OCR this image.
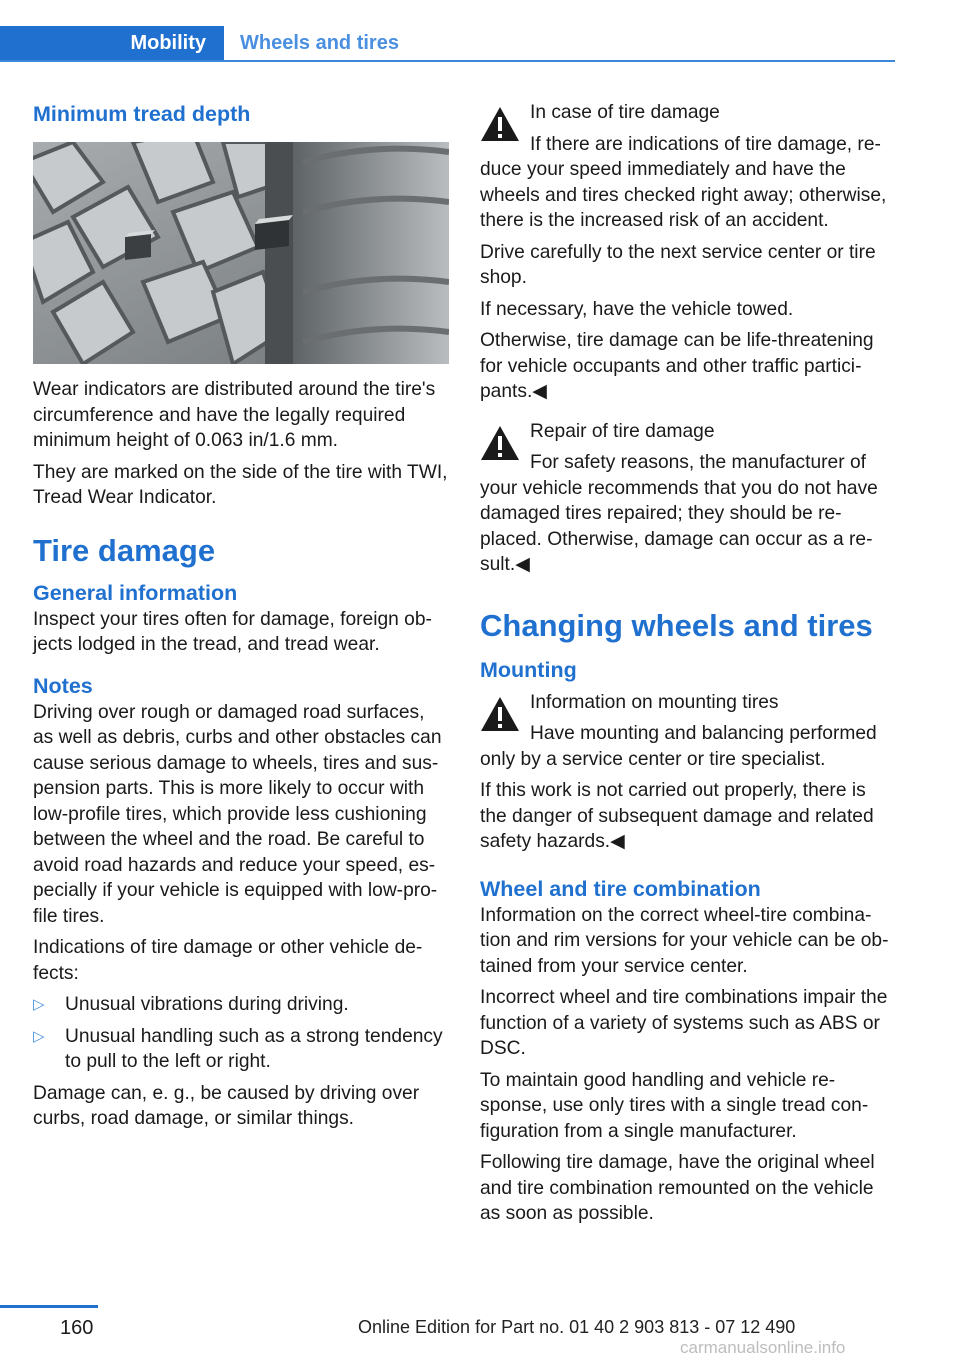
Mobility	Wheels and tires
Minimum tread depth

Wear indicators are distributed around the tire's circumference and have the legally required minimum height of 0.063 in/1.6 mm.

They are marked on the side of the tire with TWI, Tread Wear Indicator.

Tire damage
General information

Inspect your tires often for damage, foreign ob-jects lodged in the tread, and tread wear.

Notes

Driving over rough or damaged road surfaces, as well as debris, curbs and other obstacles can cause serious damage to wheels, tires and sus-pension parts. This is more likely to occur with low-profile tires, which provide less cushioning between the wheel and the road. Be careful to avoid road hazards and reduce your speed, es-pecially if your vehicle is equipped with low-pro-file tires.

Indications of tire damage or other vehicle de-fects:

▷ Unusual vibrations during driving.
▷ Unusual handling such as a strong tendency to pull to the left or right.

Damage can, e. g., be caused by driving over curbs, road damage, or similar things.

In case of tire damage

If there are indications of tire damage, re-duce your speed immediately and have the wheels and tires checked right away; otherwise, there is the increased risk of an accident.

Drive carefully to the next service center or tire shop.

If necessary, have the vehicle towed.

Otherwise, tire damage can be life-threatening for vehicle occupants and other traffic partici-pants.◀

Repair of tire damage

For safety reasons, the manufacturer of your vehicle recommends that you do not have damaged tires repaired; they should be re-placed. Otherwise, damage can occur as a re-sult.◀

Changing wheels and tires
Mounting

Information on mounting tires

Have mounting and balancing performed only by a service center or tire specialist.

If this work is not carried out properly, there is the danger of subsequent damage and related safety hazards.◀

Wheel and tire combination

Information on the correct wheel-tire combina-tion and rim versions for your vehicle can be ob-tained from your service center.

Incorrect wheel and tire combinations impair the function of a variety of systems such as ABS or DSC.

To maintain good handling and vehicle re-sponse, use only tires with a single tread con-figuration from a single manufacturer.

Following tire damage, have the original wheel and tire combination remounted on the vehicle as soon as possible.

160	Online Edition for Part no. 01 40 2 903 813 - 07 12 490
carmanualsonline.info
